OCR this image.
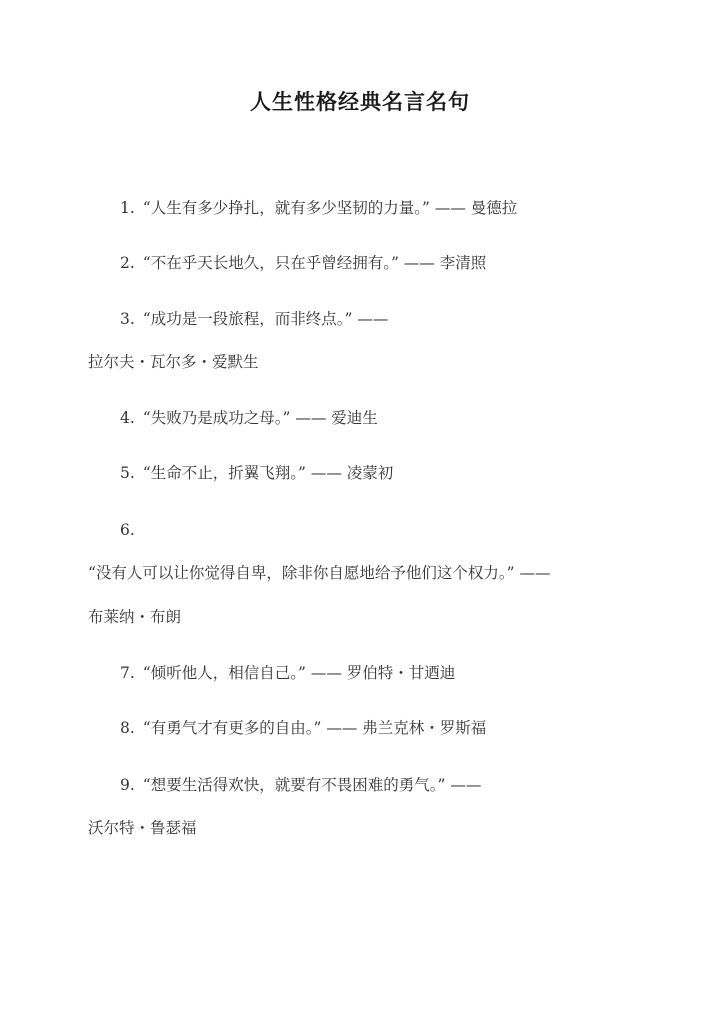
人生性格经典名言名句
1. “人生有多少挣扎，就有多少坚韧的力量。” —— 曼德拉
2. “不在乎天长地久，只在乎曾经拥有。” —— 李清照
3. “成功是一段旅程，而非终点。” ——
拉尔夫・瓦尔多・爱默生
4. “失败乃是成功之母。” —— 爱迪生
5. “生命不止，折翼飞翔。” —— 凌蒙初
6.
“没有人可以让你觉得自卑，除非你自愿地给予他们这个权力。” ——
布莱纳・布朗
7. “倾听他人，相信自己。” —— 罗伯特・甘迺迪
8. “有勇气才有更多的自由。” —— 弗兰克林・罗斯福
9. “想要生活得欢快，就要有不畏困难的勇气。” ——
沃尔特・鲁瑟福
